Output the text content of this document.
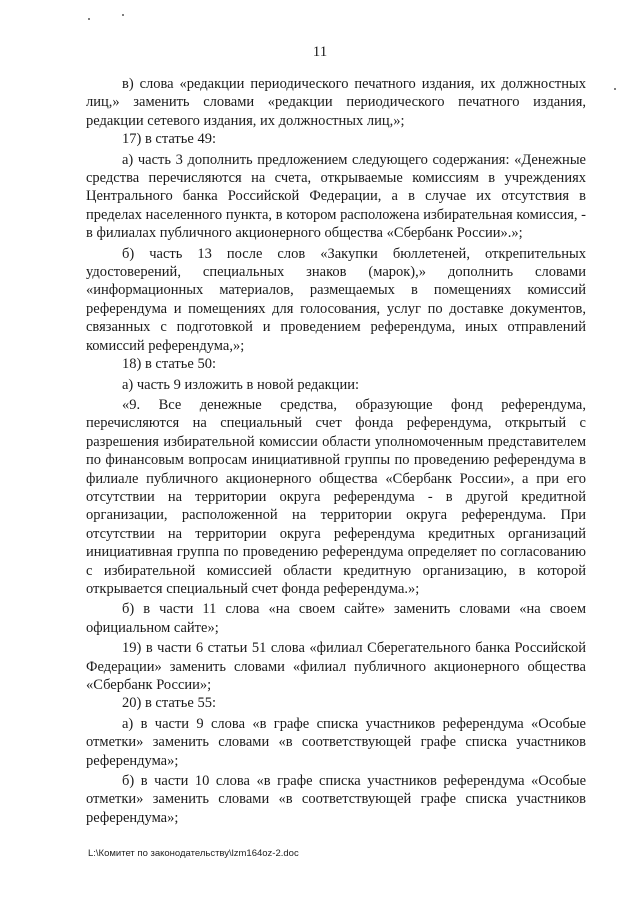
11

в) слова «редакции периодического печатного издания, их должностных лиц,» заменить словами «редакции периодического печатного издания, редакции сетевого издания, их должностных лиц,»;

17) в статье 49:

а) часть 3 дополнить предложением следующего содержания: «Денежные средства перечисляются на счета, открываемые комиссиям в учреждениях Центрального банка Российской Федерации, а в случае их отсутствия в пределах населенного пункта, в котором расположена избирательная комиссия, - в филиалах публичного акционерного общества «Сбербанк России».»;

б) часть 13 после слов «Закупки бюллетеней, открепительных удостоверений, специальных знаков (марок),» дополнить словами «информационных материалов, размещаемых в помещениях комиссий референдума и помещениях для голосования, услуг по доставке документов, связанных с подготовкой и проведением референдума, иных отправлений комиссий референдума,»;

18) в статье 50:

а) часть 9 изложить в новой редакции:

«9. Все денежные средства, образующие фонд референдума, перечисляются на специальный счет фонда референдума, открытый с разрешения избирательной комиссии области уполномоченным представителем по финансовым вопросам инициативной группы по проведению референдума в филиале публичного акционерного общества «Сбербанк России», а при его отсутствии на территории округа референдума - в другой кредитной организации, расположенной на территории округа референдума. При отсутствии на территории округа референдума кредитных организаций инициативная группа по проведению референдума определяет по согласованию с избирательной комиссией области кредитную организацию, в которой открывается специальный счет фонда референдума.»;

б) в части 11 слова «на своем сайте» заменить словами «на своем официальном сайте»;

19) в части 6 статьи 51 слова «филиал Сберегательного банка Российской Федерации» заменить словами «филиал публичного акционерного общества «Сбербанк России»;

20) в статье 55:

а) в части 9 слова «в графе списка участников референдума «Особые отметки» заменить словами «в соответствующей графе списка участников референдума»;

б) в части 10 слова «в графе списка участников референдума «Особые отметки» заменить словами «в соответствующей графе списка участников референдума»;

L:\Комитет по законодательству\lzm164oz-2.doc
